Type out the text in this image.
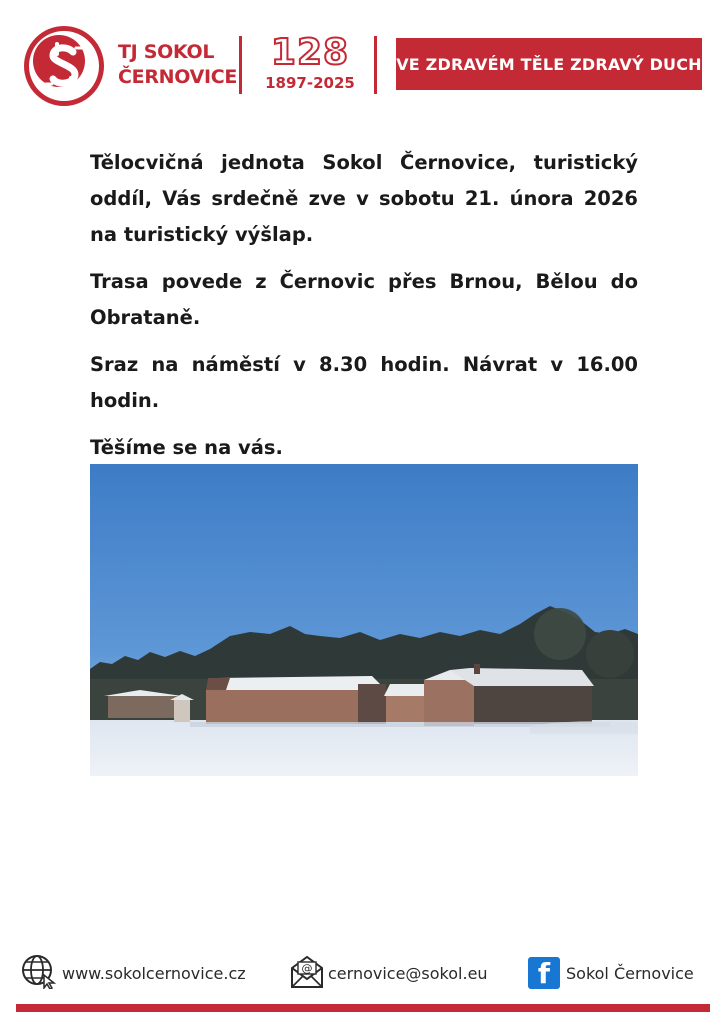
TJ SOKOL
ČERNOVICE
128
1897-2025
VE ZDRAVÉM TĚLE ZDRAVÝ DUCH

Tělocvičná jednota Sokol Černovice, turistický oddíl, Vás srdečně zve v sobotu 21. února 2026 na turistický výšlap.

Trasa povede z Černovic přes Brnou, Bělou do Obrataně.

Sraz na náměstí v 8.30 hodin. Návrat v 16.00 hodin.

Těšíme se na vás.

www.sokolcernovice.cz	@ cernovice@sokol.eu	f Sokol Černovice
